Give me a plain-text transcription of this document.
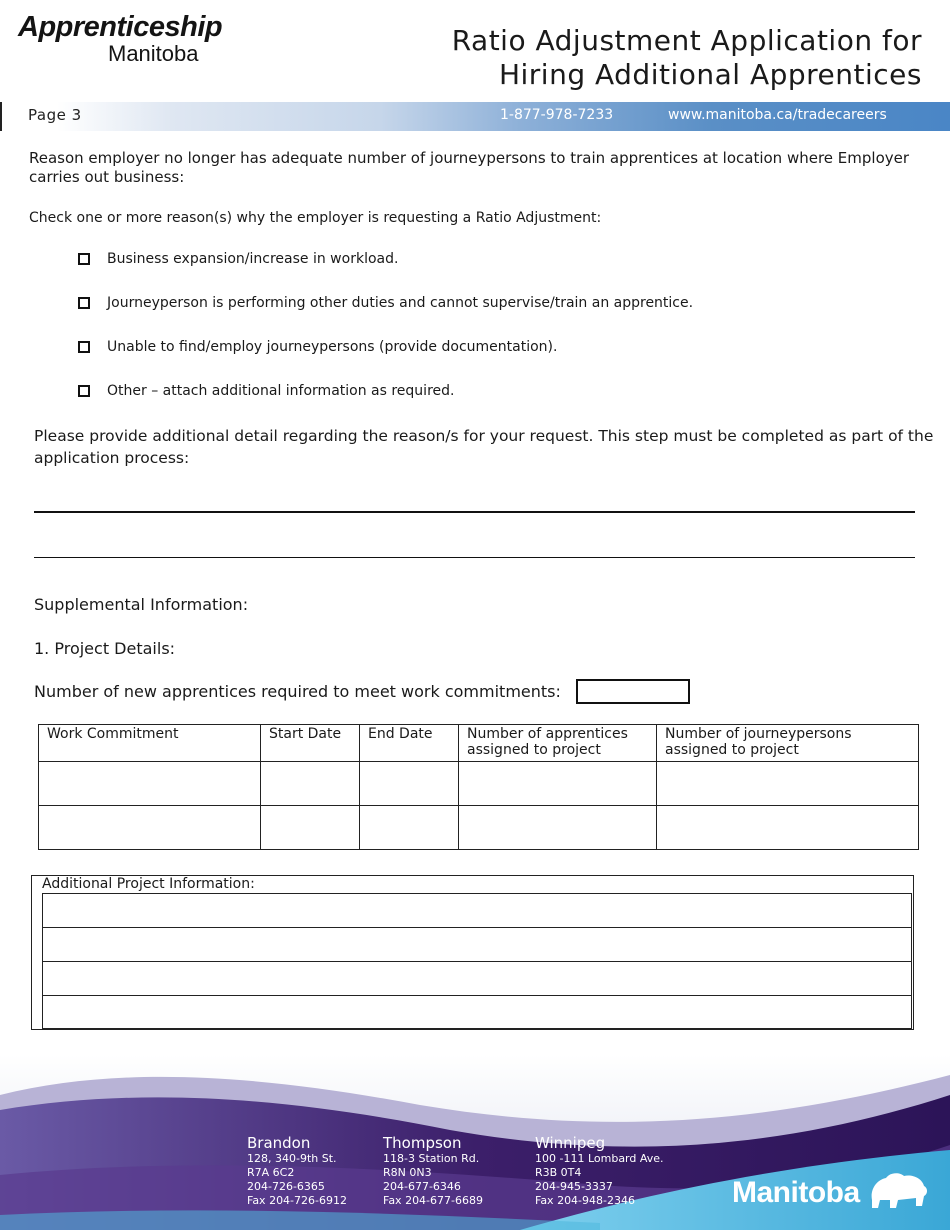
Apprenticeship
Manitoba	Ratio Adjustment Application for
Hiring Additional Apprentices
Page 3	1-877-978-7233	www.manitoba.ca/tradecareers
Reason employer no longer has adequate number of journeypersons to train apprentices at location where Employer carries out business:
Check one or more reason(s) why the employer is requesting a Ratio Adjustment:
Business expansion/increase in workload.
Journeyperson is performing other duties and cannot supervise/train an apprentice.
Unable to find/employ journeypersons (provide documentation).
Other – attach additional information as required.
Please provide additional detail regarding the reason/s for your request. This step must be completed as part of the application process:
Supplemental Information:
1. Project Details:
Number of new apprentices required to meet work commitments:
Work Commitment	Start Date	End Date	Number of apprentices assigned to project	Number of journeypersons assigned to project

Additional Project Information:
Brandon
128, 340-9th St.
R7A 6C2
204-726-6365
Fax 204-726-6912
Thompson
118-3 Station Rd.
R8N 0N3
204-677-6346
Fax 204-677-6689
Winnipeg
100 -111 Lombard Ave.
R3B 0T4
204-945-3337
Fax 204-948-2346	Manitoba
